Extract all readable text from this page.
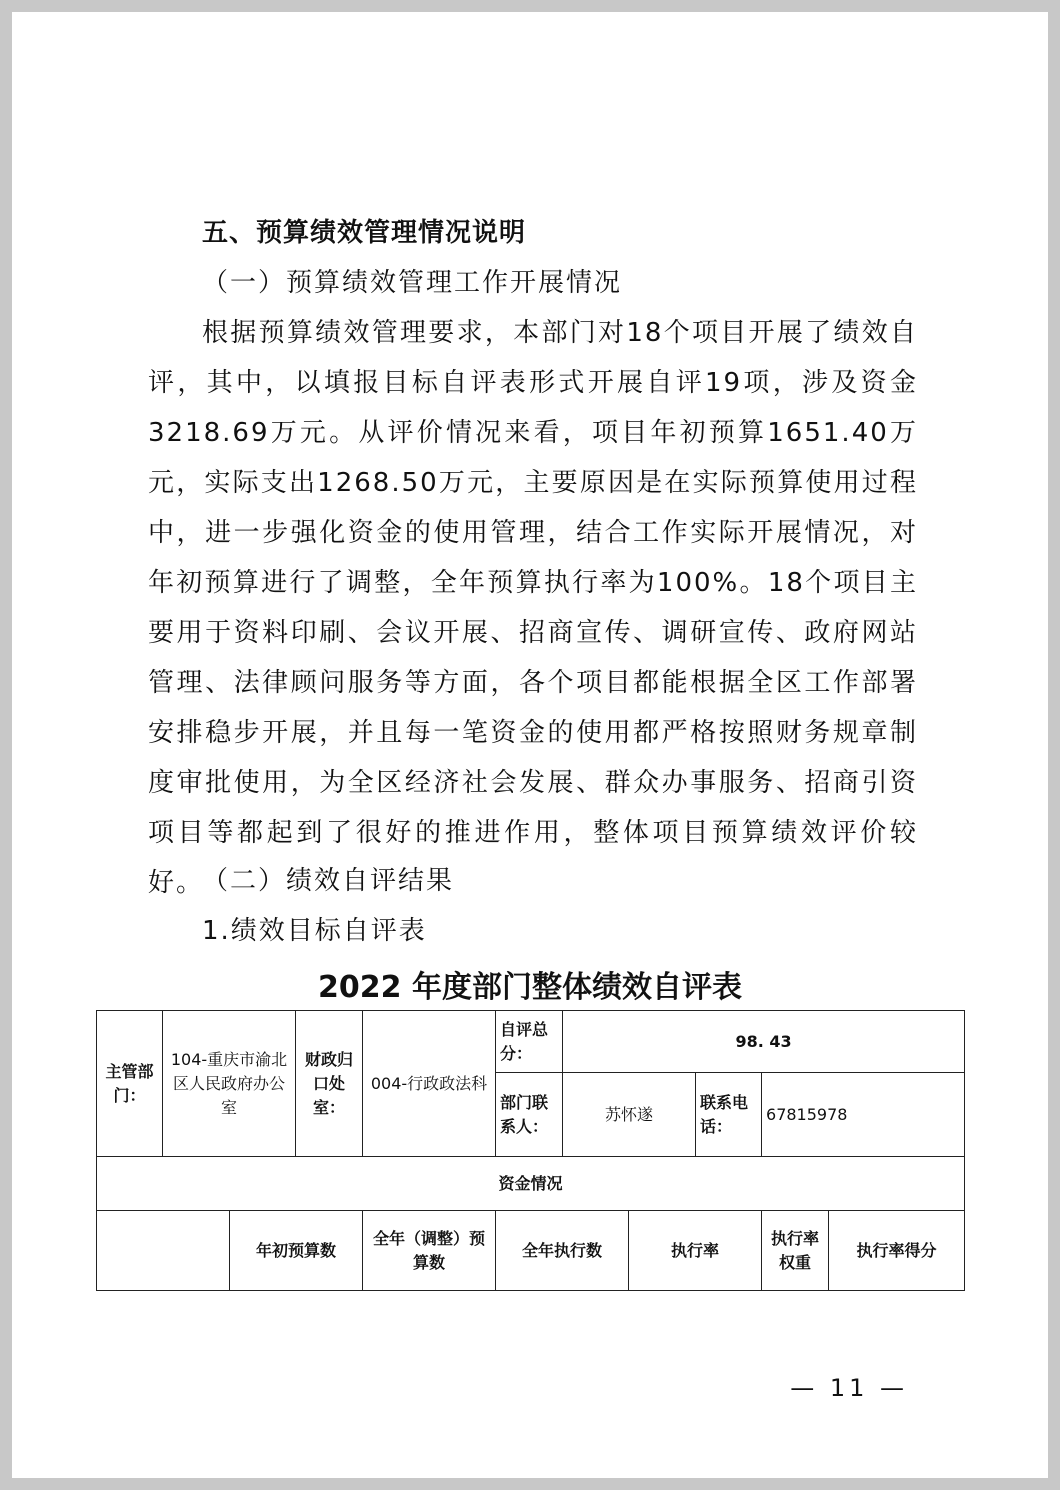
五、预算绩效管理情况说明
（一）预算绩效管理工作开展情况
根据预算绩效管理要求，本部门对18个项目开展了绩效自评，其中，以填报目标自评表形式开展自评19项，涉及资金3218.69万元。从评价情况来看，项目年初预算1651.40万元，实际支出1268.50万元，主要原因是在实际预算使用过程中，进一步强化资金的使用管理，结合工作实际开展情况，对年初预算进行了调整，全年预算执行率为100%。18个项目主要用于资料印刷、会议开展、招商宣传、调研宣传、政府网站管理、法律顾问服务等方面，各个项目都能根据全区工作部署安排稳步开展，并且每一笔资金的使用都严格按照财务规章制度审批使用，为全区经济社会发展、群众办事服务、招商引资项目等都起到了很好的推进作用，整体项目预算绩效评价较好。
（二）绩效自评结果
1.绩效目标自评表
2022 年度部门整体绩效自评表
主管部门：	104-重庆市渝北区人民政府办公室		财政归口处室：	004-行政政法科	自评总分：	98. 43				
					部门联系人：	苏怀遂		联系电话：	67815978	
资金情况										
		年初预算数		全年（调整）预算数	全年执行数		执行率		执行率权重	执行率得分
— 11 —
